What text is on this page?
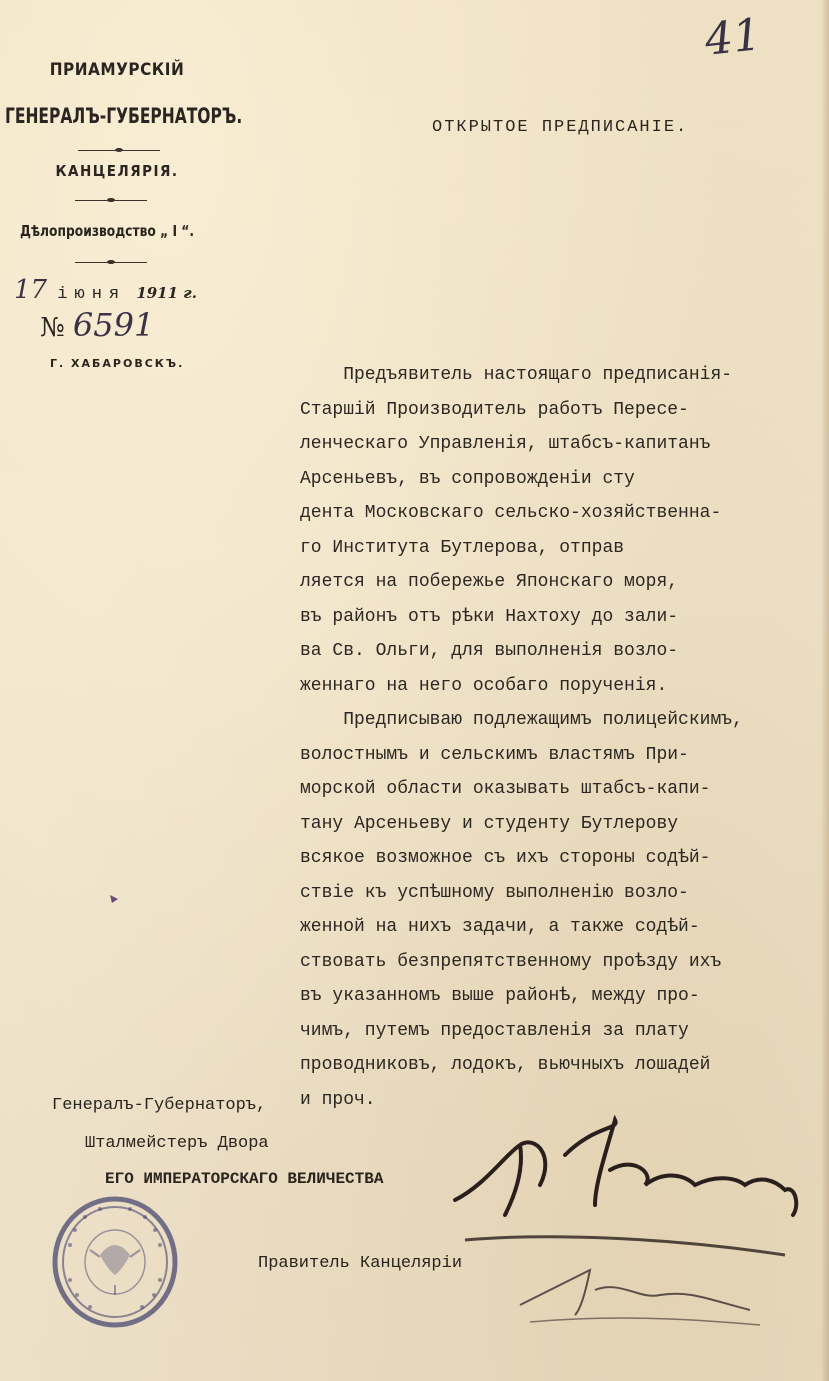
41
ПРИАМУРСКIЙ
ГЕНЕРАЛЪ-ГУБЕРНАТОРЪ.
КАНЦЕЛЯРIЯ.
Дѣлопроизводство „ I “.
17 iюня 1911 г.
№ 6591
Г. ХАБАРОВСКЪ.
ОТКРЫТОЕ ПРЕДПИСАНIЕ.
Предъявитель настоящаго предписанiя-
Старшiй Производитель работъ Пересе-
ленческаго Управленiя, штабсъ-капитанъ
Арсеньевъ, въ сопровожденiи сту
дента Московскаго сельско-хозяйственна-
го Института Бутлерова, отправ
ляется на побережье Японскаго моря,
въ районъ отъ рѣки Нахтоху до зали-
ва Св. Ольги, для выполненiя возло-
женнаго на него особаго порученiя.
Предписываю подлежащимъ полицейскимъ,
волостнымъ и сельскимъ властямъ При-
морской области оказывать штабсъ-капи-
тану Арсеньеву и студенту Бутлерову
всякое возможное съ ихъ стороны содѣй-
ствiе къ успѣшному выполненiю возло-
женной на нихъ задачи, а также содѣй-
ствовать безпрепятственному проѣзду ихъ
въ указанномъ выше районѣ, между про-
чимъ, путемъ предоставленiя за плату
проводниковъ, лодокъ, вьючныхъ лошадей
и проч.
Генералъ-Губернаторъ,
Шталмейстеръ Двора
ЕГО ИМПЕРАТОРСКАГО ВЕЛИЧЕСТВА
Правитель Канцелярiи
